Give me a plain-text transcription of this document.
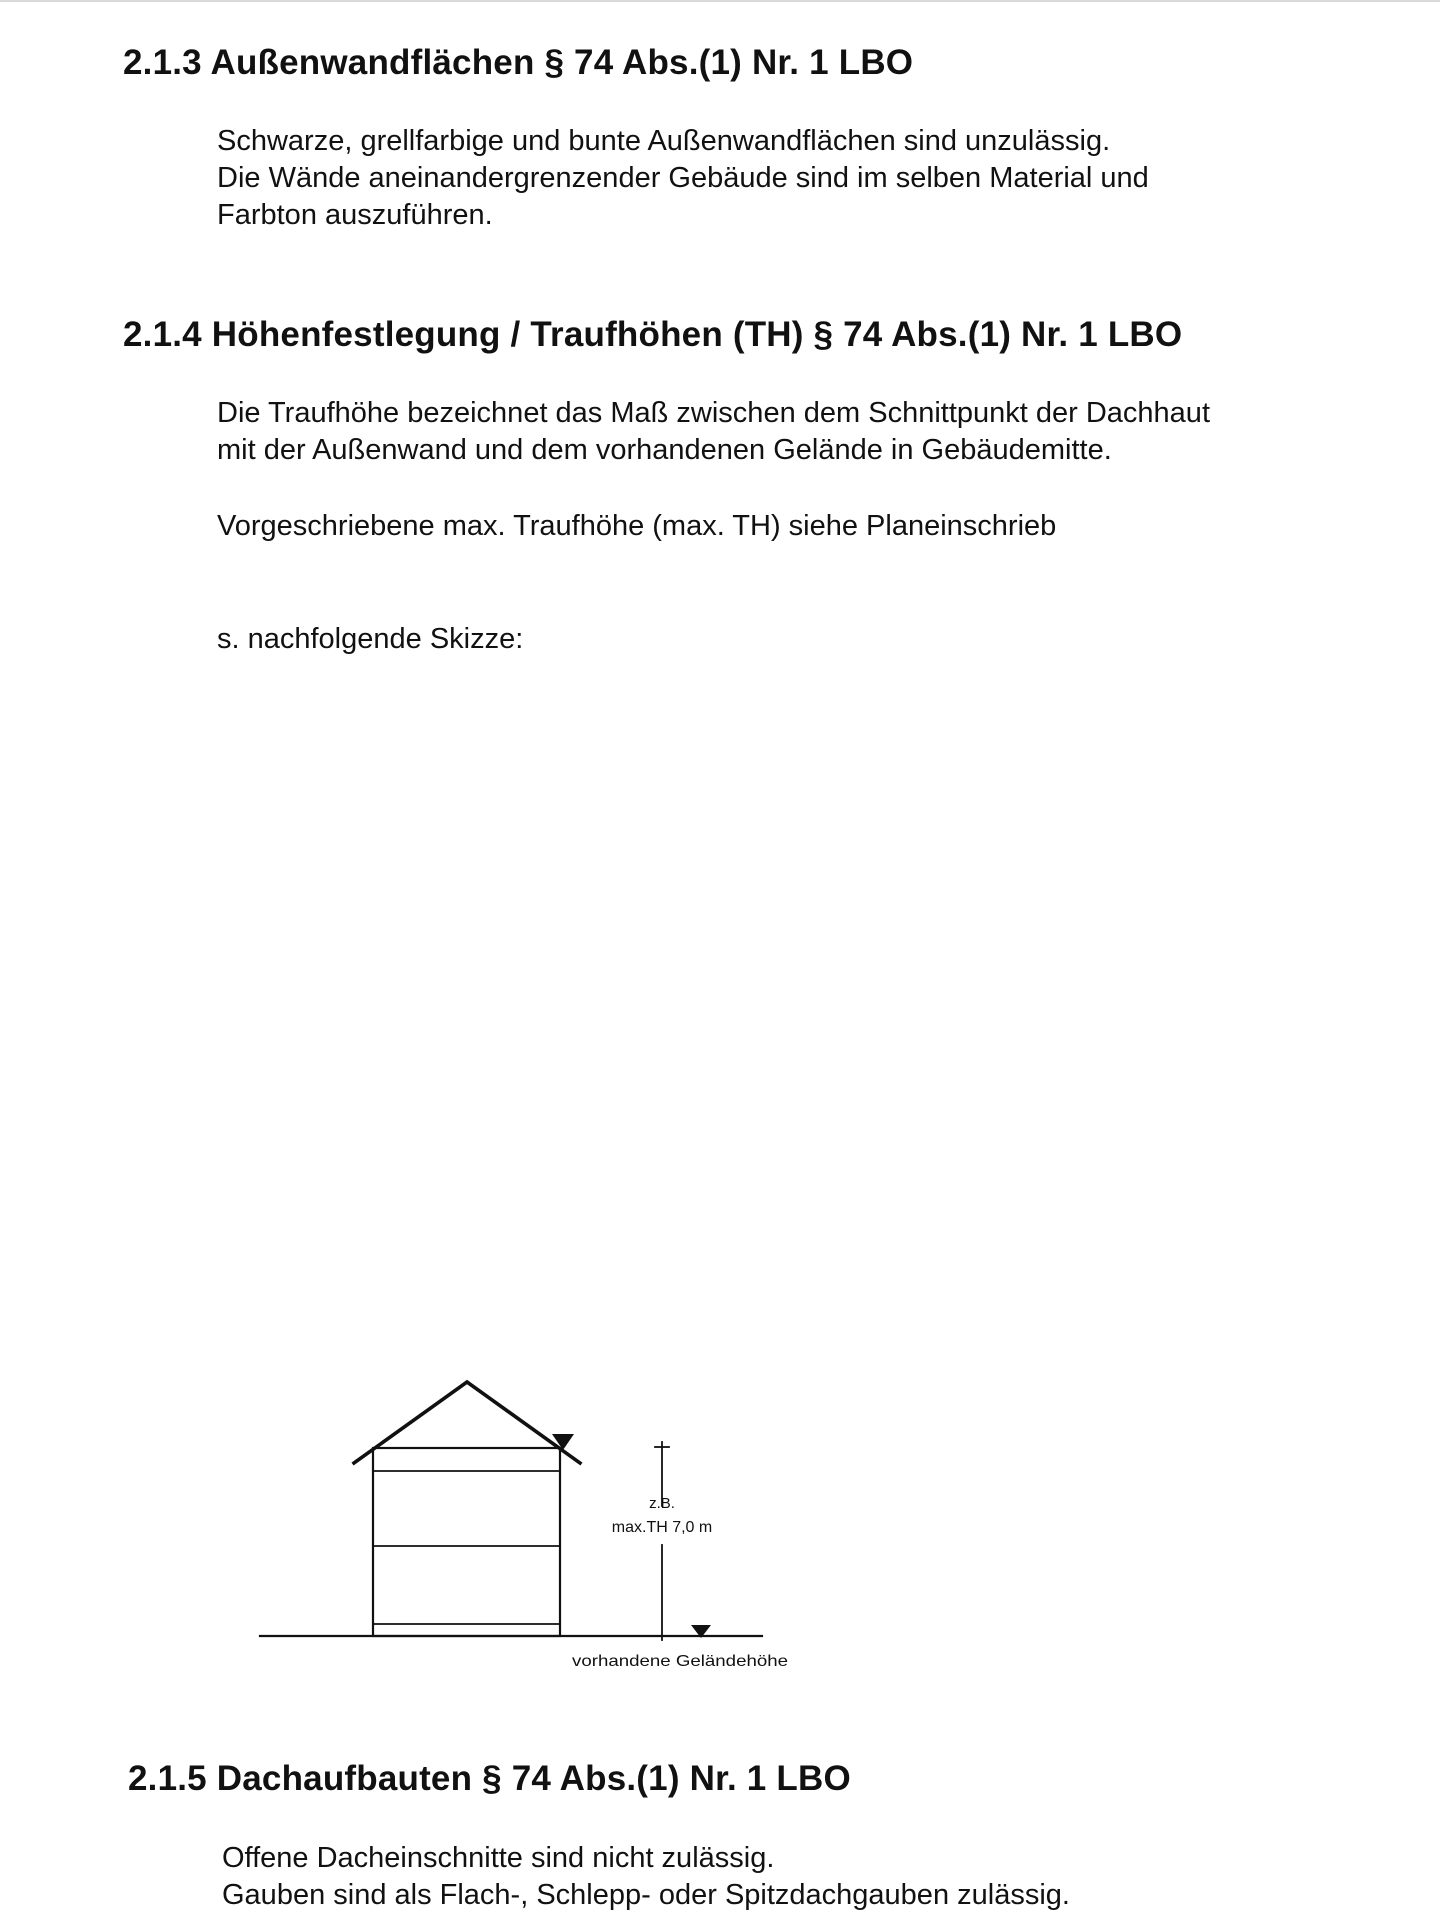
2.1.3 Außenwandflächen § 74 Abs.(1) Nr. 1 LBO

Schwarze, grellfarbige und bunte Außenwandflächen sind unzulässig.
Die Wände aneinandergrenzender Gebäude sind im selben Material und
Farbton auszuführen.

2.1.4 Höhenfestlegung / Traufhöhen (TH) § 74 Abs.(1) Nr. 1 LBO

Die Traufhöhe bezeichnet das Maß zwischen dem Schnittpunkt der Dachhaut
mit der Außenwand und dem vorhandenen Gelände in Gebäudemitte.

Vorgeschriebene max. Traufhöhe (max. TH) siehe Planeinschrieb

s. nachfolgende Skizze:

z.B.
max.TH 7,0 m
vorhandene Geländehöhe
2.1.5 Dachaufbauten § 74 Abs.(1) Nr. 1 LBO

Offene Dacheinschnitte sind nicht zulässig.
Gauben sind als Flach-, Schlepp- oder Spitzdachgauben zulässig.
